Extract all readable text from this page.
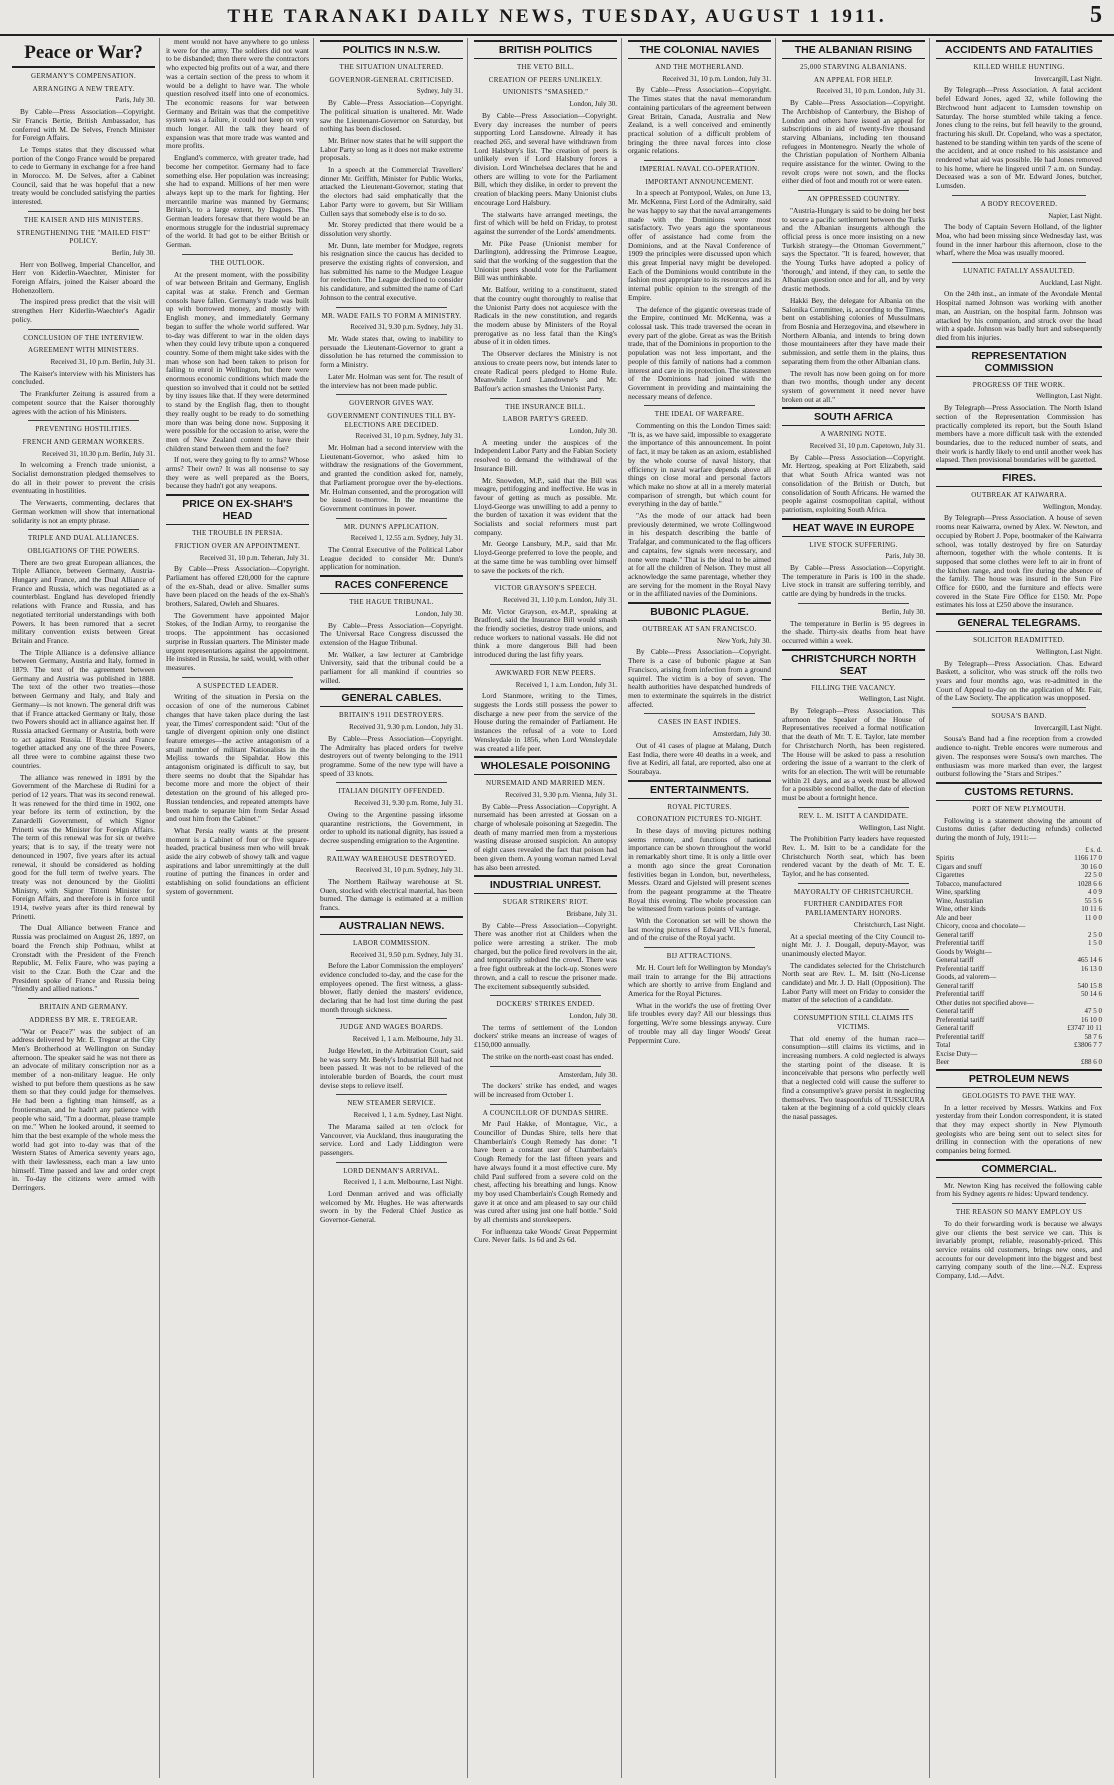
THE TARANAKI DAILY NEWS, TUESDAY, AUGUST 1 1911.	5
Peace or War?
GERMANY'S COMPENSATION.
ARRANGING A NEW TREATY.

Paris, July 30.

By Cable—Press Association—Copyright. Sir Francis Bertie, British Ambassador, has conferred with M. De Selves, French Minister for Foreign Affairs.

Le Temps states that they discussed what portion of the Congo France would be prepared to cede to Germany in exchange for a free hand in Morocco. M. De Selves, after a Cabinet Council, said that he was hopeful that a new treaty would be concluded satisfying the parties interested.

THE KAISER AND HIS MINISTERS.
STRENGTHENING THE "MAILED FIST" POLICY.

Berlin, July 30.

Herr von Bollweg, Imperial Chancellor, and Herr von Kiderlin-Waechter, Minister for Foreign Affairs, joined the Kaiser aboard the Hohenzollern.

The inspired press predict that the visit will strengthen Herr Kiderlin-Waechter's Agadir policy.

CONCLUSION OF THE INTERVIEW.
AGREEMENT WITH MINISTERS.

Received 31, 10 p.m. Berlin, July 31.

The Kaiser's interview with his Ministers has concluded.

The Frankfurter Zeitung is assured from a competent source that the Kaiser thoroughly agrees with the action of his Ministers.

PREVENTING HOSTILITIES.
FRENCH AND GERMAN WORKERS.

Received 31, 10.30 p.m. Berlin, July 31.

In welcoming a French trade unionist, a Socialist demonstration pledged themselves to do all in their power to prevent the crisis eventuating in hostilities.

The Verwaerts, commenting, declares that German workmen will show that international solidarity is not an empty phrase.

TRIPLE AND DUAL ALLIANCES.
OBLIGATIONS OF THE POWERS.

There are two great European alliances, the Triple Alliance, between Germany, Austria-Hungary and France, and the Dual Alliance of France and Russia, which was negotiated as a counterblast. England has developed friendly relations with France and Russia, and has negotiated territorial understandings with both Powers. It has been rumored that a secret military convention exists between Great Britain and France.

The Triple Alliance is a defensive alliance between Germany, Austria and Italy, formed in 1879. The text of the agreement between Germany and Austria was published in 1888. The text of the other two treaties—those between Germany and Italy, and Italy and Germany—is not known. The general drift was that if France attacked Germany or Italy, those two Powers should act in alliance against her. If Russia attacked Germany or Austria, both were to act against Russia. If Russia and France together attacked any one of the three Powers, all three were to combine against these two countries.

The alliance was renewed in 1891 by the Government of the Marchese di Rudini for a period of 12 years. That was its second renewal. It was renewed for the third time in 1902, one year before its term of extinction, by the Zanardelli Government, of which Signor Prinetti was the Minister for Foreign Affairs. The term of this renewal was for six or twelve years; that is to say, if the treaty were not denounced in 1907, five years after its actual renewal, it should be considered as holding good for the full term of twelve years. The treaty was not denounced by the Giolitti Ministry, with Signor Tittoni Minister for Foreign Affairs, and therefore is in force until 1914, twelve years after its third renewal by Prinetti.

The Dual Alliance between France and Russia was proclaimed on August 26, 1897, on board the French ship Pothuau, whilst at Cronstadt with the President of the French Republic, M. Felix Faure, who was paying a visit to the Czar. Both the Czar and the President spoke of France and Russia being "friendly and allied nations."

BRITAIN AND GERMANY.
ADDRESS BY MR. E. TREGEAR.

"War or Peace?" was the subject of an address delivered by Mr. E. Tregear at the City Men's Brotherhood at Wellington on Sunday afternoon. The speaker said he was not there as an advocate of military conscription nor as a member of a non-military league. He only wished to put before them questions as he saw them so that they could judge for themselves. He had been a fighting man himself, as a frontiersman, and he hadn't any patience with people who said, "I'm a doormat, please trample on me." When he looked around, it seemed to him that the best example of the whole mess the world had got into to-day was that of the Western States of America seventy years ago, with their lawlessness, each man a law unto himself. Time passed and law and order crept in. To-day the citizens were armed with Derringers.

ment would not have anywhere to go unless it were for the army. The soldiers did not want to be disbanded; then there were the contractors who expected big profits out of a war, and there was a certain section of the press to whom it would be a delight to have war. The whole question resolved itself into one of economics. The economic reasons for war between Germany and Britain was that the competitive system was a failure, it could not keep on very much longer. All the talk they heard of expansion was that more trade was wanted and more profits.

England's commerce, with greater trade, had become her competitor. Germany had to face something else. Her population was increasing; she had to expand. Millions of her men were always kept up to the mark for fighting. Her mercantile marine was manned by Germans; Britain's, to a large extent, by Dagoes. The German leaders foresaw that there would be an enormous struggle for the industrial supremacy of the world. It had got to be either British or German.

THE OUTLOOK.

At the present moment, with the possibility of war between Britain and Germany, English capital was at stake. French and German consols have fallen. Germany's trade was built up with borrowed money, and mostly with English money, and immediately Germany began to suffer the whole world suffered. War to-day was different to war in the olden days when they could levy tribute upon a conquered country. Some of them might take sides with the man whose son had been taken to prison for failing to enrol in Wellington, but there were enormous economic conditions which made the question so involved that it could not be settled by tiny issues like that. If they were determined to stand by the English flag, then to thought they really ought to be ready to do something more than was being done now. Supposing it were possible for the occasion to arise, were the men of New Zealand content to have their children stand between them and the foe?

If not, were they going to fly to arms? Whose arms? Their own? It was all nonsense to say they were as well prepared as the Boers, because they hadn't got any weapons.

PRICE ON EX-SHAH'S HEAD
THE TROUBLE IN PERSIA.
FRICTION OVER AN APPOINTMENT.

Received 31, 10 p.m. Teheran, July 31.

By Cable—Press Association—Copyright. Parliament has offered £20,000 for the capture of the ex-Shah, dead or alive. Smaller sums have been placed on the heads of the ex-Shah's brothers, Salared, Owleh and Shuares.

The Government have appointed Major Stokes, of the Indian Army, to reorganise the troops. The appointment has occasioned surprise in Russian quarters. The Minister made urgent representations against the appointment. He insisted in Russia, he said, would, with other measures.

A SUSPECTED LEADER.

Writing of the situation in Persia on the occasion of one of the numerous Cabinet changes that have taken place during the last year, the Times' correspondent said: "Out of the tangle of divergent opinion only one distinct feature emerges—the active antagonism of a small number of militant Nationalists in the Mejliss towards the Sipahdar. How this antagonism originated is difficult to say, but there seems no doubt that the Sipahdar has become more and more the object of their detestation on the ground of his alleged pro-Russian tendencies, and repeated attempts have been made to separate him from Sedar Assad and oust him from the Cabinet."

What Persia really wants at the present moment is a Cabinet of four or five square-headed, practical business men who will break aside the airy cobweb of showy talk and vague aspirations and labor unremittingly at the dull routine of putting the finances in order and establishing on solid foundations an efficient system of government.

POLITICS IN N.S.W.
THE SITUATION UNALTERED.
GOVERNOR-GENERAL CRITICISED.

Sydney, July 31.

By Cable—Press Association—Copyright. The political situation is unaltered. Mr. Wade saw the Lieutenant-Governor on Saturday, but nothing has been disclosed.

Mr. Briner now states that he will support the Labor Party so long as it does not make extreme proposals.

In a speech at the Commercial Travellers' dinner Mr. Griffith, Minister for Public Works, attacked the Lieutenant-Governor, stating that the electors had said emphatically that the Labor Party were to govern, but Sir William Cullen says that somebody else is to do so.

Mr. Storey predicted that there would be a dissolution very shortly.

Mr. Dunn, late member for Mudgee, regrets his resignation since the caucus has decided to preserve the existing rights of conversion, and has submitted his name to the Mudgee League for reelection. The League declined to consider his candidature, and submitted the name of Carl Johnson to the central executive.

MR. WADE FAILS TO FORM A MINISTRY.

Received 31, 9.30 p.m. Sydney, July 31.

Mr. Wade states that, owing to inability to persuade the Lieutenant-Governor to grant a dissolution he has returned the commission to form a Ministry.

Later Mr. Holman was sent for. The result of the interview has not been made public.

GOVERNOR GIVES WAY.
GOVERNMENT CONTINUES TILL BY-ELECTIONS ARE DECIDED.

Received 31, 10 p.m. Sydney, July 31.

Mr. Holman had a second interview with the Lieutenant-Governor, who asked him to withdraw the resignations of the Government, and granted the condition asked for, namely, that Parliament prorogue over the by-elections. Mr. Holman consented, and the prorogation will be issued to-morrow. In the meantime the Government continues in power.

MR. DUNN'S APPLICATION.

Received 1, 12.55 a.m. Sydney, July 31.

The Central Executive of the Political Labor League decided to consider Mr. Dunn's application for nomination.

RACES CONFERENCE
THE HAGUE TRIBUNAL.

London, July 30.

By Cable—Press Association—Copyright. The Universal Race Congress discussed the extension of the Hague Tribunal.

Mr. Walker, a law lecturer at Cambridge University, said that the tribunal could be a parliament for all mankind if countries so willed.

GENERAL CABLES.
BRITAIN'S 1911 DESTROYERS.

Received 31, 9.30 p.m. London, July 31.

By Cable—Press Association—Copyright. The Admiralty has placed orders for twelve destroyers out of twenty belonging to the 1911 programme. Some of the new type will have a speed of 33 knots.

ITALIAN DIGNITY OFFENDED.

Received 31, 9.30 p.m. Rome, July 31.

Owing to the Argentine passing irksome quarantine restrictions, the Government, in order to uphold its national dignity, has issued a decree suspending emigration to the Argentine.

RAILWAY WAREHOUSE DESTROYED.

Received 31, 10 p.m. Sydney, July 31.

The Northern Railway warehouse at St. Ouen, stocked with electrical material, has been burned. The damage is estimated at a million francs.

AUSTRALIAN NEWS.
LABOR COMMISSION.

Received 31, 9.50 p.m. Sydney, July 31.

Before the Labor Commission the employers' evidence concluded to-day, and the case for the employees opened. The first witness, a glass-blower, flatly denied the masters' evidence, declaring that he had lost time during the past month through sickness.

JUDGE AND WAGES BOARDS.

Received 1, 1 a.m. Melbourne, July 31.

Judge Hewlett, in the Arbitration Court, said he was sorry Mr. Beeby's Industrial Bill had not been passed. It was not to be relieved of the intolerable burden of Boards, the court must devise steps to relieve itself.

NEW STEAMER SERVICE.

Received 1, 1 a.m. Sydney, Last Night.

The Marama sailed at ten o'clock for Vancouver, via Auckland, thus inaugurating the service. Lord and Lady Liddington were passengers.

LORD DENMAN'S ARRIVAL.

Received 1, 1 a.m. Melbourne, Last Night.

Lord Denman arrived and was officially welcomed by Mr. Hughes. He was afterwards sworn in by the Federal Chief Justice as Governor-General.

BRITISH POLITICS
THE VETO BILL.
CREATION OF PEERS UNLIKELY.
UNIONISTS "SMASHED."

London, July 30.

By Cable—Press Association—Copyright. Every day increases the number of peers supporting Lord Lansdowne. Already it has reached 265, and several have withdrawn from Lord Halsbury's list. The creation of peers is unlikely even if Lord Halsbury forces a division. Lord Winchelsea declares that he and others are willing to vote for the Parliament Bill, which they dislike, in order to prevent the creation of blacking peers. Many Unionist clubs encourage Lord Halsbury.

The stalwarts have arranged meetings, the first of which will be held on Friday, to protest against the surrender of the Lords' amendments.

Mr. Pike Pease (Unionist member for Darlington), addressing the Primrose League, said that the working of the suggestion that the Unionist peers should vote for the Parliament Bill was unthinkable.

Mr. Balfour, writing to a constituent, stated that the country ought thoroughly to realise that the Unionist Party does not acquiesce with the Radicals in the new constitution, and regards the modern abuse by Ministers of the Royal prerogative as no less fatal than the King's abuse of it in olden times.

The Observer declares the Ministry is not anxious to create peers now, but intends later to create Radical peers pledged to Home Rule. Meanwhile Lord Lansdowne's and Mr. Balfour's action smashes the Unionist Party.

THE INSURANCE BILL.
LABOR PARTY'S GREED.

London, July 30.

A meeting under the auspices of the Independent Labor Party and the Fabian Society resolved to demand the withdrawal of the Insurance Bill.

Mr. Snowden, M.P., said that the Bill was meagre, pettifogging and ineffective. He was in favour of getting as much as possible. Mr. Lloyd-George was unwilling to add a penny to the burden of taxation it was evident that the Socialists and social reformers must part company.

Mr. George Lansbury, M.P., said that Mr. Lloyd-George preferred to love the people, and at the same time he was tumbling over himself to save the pockets of the rich.

VICTOR GRAYSON'S SPEECH.

Received 31, 1.10 p.m. London, July 31.

Mr. Victor Grayson, ex-M.P., speaking at Bradford, said the Insurance Bill would smash the friendly societies, destroy trade unions, and reduce workers to national vassals. He did not think a more dangerous Bill had been introduced during the last fifty years.

AWKWARD FOR NEW PEERS.

Received 1, 1 a.m. London, July 31.

Lord Stanmore, writing to the Times, suggests the Lords still possess the power to discharge a new peer from the service of the House during the remainder of Parliament. He instances the refusal of a vote to Lord Wensleydale in 1856, when Lord Wensleydale was created a life peer.

WHOLESALE POISONING
NURSEMAID AND MARRIED MEN.

Received 31, 9.30 p.m. Vienna, July 31.

By Cable—Press Association—Copyright. A nursemaid has been arrested at Gossan on a charge of wholesale poisoning at Szegedin. The death of many married men from a mysterious wasting disease aroused suspicion. An autopsy of eight cases revealed the fact that poison had been given them. A young woman named Leval has also been arrested.

INDUSTRIAL UNREST.
SUGAR STRIKERS' RIOT.

Brisbane, July 31.

By Cable—Press Association—Copyright. There was another riot at Childers when the police were arresting a striker. The mob charged, but the police fired revolvers in the air, and temporarily subdued the crowd. There was a free fight outbreak at the lock-up. Stones were thrown, and a call to rescue the prisoner made. The excitement subsequently subsided.

DOCKERS' STRIKES ENDED.

London, July 30.

The terms of settlement of the London dockers' strike means an increase of wages of £150,000 annually.

The strike on the north-east coast has ended.

Amsterdam, July 30.

The dockers' strike has ended, and wages will be increased from October 1.

A COUNCILLOR OF DUNDAS SHIRE.

Mr Paul Hakke, of Montague, Vic., a Councillor of Dundas Shire, tells here that Chamberlain's Cough Remedy has done: "I have been a constant user of Chamberlain's Cough Remedy for the last fifteen years and have always found it a most effective cure. My child Paul suffered from a severe cold on the chest, affecting his breathing and lungs. Know my boy used Chamberlain's Cough Remedy and gave it at once and am pleased to say our child was cured after using just one half bottle." Sold by all chemists and storekeepers.

For influenza take Woods' Great Peppermint Cure. Never fails. 1s 6d and 2s 6d.

THE COLONIAL NAVIES
AND THE MOTHERLAND.

Received 31, 10 p.m. London, July 31.

By Cable—Press Association—Copyright. The Times states that the naval memorandum containing particulars of the agreement between Great Britain, Canada, Australia and New Zealand, is a well conceived and eminently practical solution of a difficult problem of bringing the three naval forces into close organic relations.

IMPERIAL NAVAL CO-OPERATION.
IMPORTANT ANNOUNCEMENT.

In a speech at Pontypool, Wales, on June 13, Mr. McKenna, First Lord of the Admiralty, said he was happy to say that the naval arrangements made with the Dominions were most satisfactory. Two years ago the spontaneous offer of assistance had come from the Dominions, and at the Naval Conference of 1909 the principles were discussed upon which this great Imperial navy might be developed. Each of the Dominions would contribute in the fashion most appropriate to its resources and its internal public opinion to the strength of the Empire.

The defence of the gigantic overseas trade of the Empire, continued Mr. McKenna, was a colossal task. This trade traversed the ocean in every part of the globe. Great as was the British trade, that of the Dominions in proportion to the population was not less important, and the people of this family of nations had a common interest and care in its protection. The statesmen of the Dominions had joined with the Government in providing and maintaining the necessary means of defence.

THE IDEAL OF WARFARE.

Commenting on this the London Times said: "It is, as we have said, impossible to exaggerate the importance of this announcement. In point of fact, it may be taken as an axiom, established by the whole course of naval history, that efficiency in naval warfare depends above all things on close moral and personal factors which make no show at all in a merely material comparison of strength, but which count for everything in the day of battle."

"As the mode of our attack had been previously determined, we wrote Collingwood in his despatch describing the battle of Trafalgar, and communicated to the flag officers and captains, few signals were necessary, and none were made." That is the ideal to be aimed at for all the children of Nelson. They must all acknowledge the same parentage, whether they are serving for the moment in the Royal Navy or in the affiliated navies of the Dominions.

BUBONIC PLAGUE.
OUTBREAK AT SAN FRANCISCO.

New York, July 30.

By Cable—Press Association—Copyright. There is a case of bubonic plague at San Francisco, arising from infection from a ground squirrel. The victim is a boy of seven. The health authorities have despatched hundreds of men to exterminate the squirrels in the district affected.

CASES IN EAST INDIES.

Amsterdam, July 30.

Out of 41 cases of plague at Malang, Dutch East India, there were 40 deaths in a week, and five at Kediri, all fatal, are reported, also one at Sourabaya.

ENTERTAINMENTS.
ROYAL PICTURES.
CORONATION PICTURES TO-NIGHT.

In these days of moving pictures nothing seems remote, and functions of national importance can be shown throughout the world in remarkably short time. It is only a little over a month ago since the great Coronation festivities began in London, but, nevertheless, Messrs. Ozard and Gjelsted will present scenes from the pageant programme at the Theatre Royal this evening. The whole procession can be witnessed from various points of vantage.

With the Coronation set will be shown the last moving pictures of Edward VII.'s funeral, and of the cruise of the Royal yacht.

BIJ ATTRACTIONS.

Mr. H. Court left for Wellington by Monday's mail train to arrange for the Bij attractions which are shortly to arrive from England and America for the Royal Pictures.

What in the world's the use of fretting Over life troubles every day? All our blessings thus forgetting, We're some blessings anyway. Cure of trouble may all day linger Woods' Great Peppermint Cure.

THE ALBANIAN RISING
25,000 STARVING ALBANIANS.
AN APPEAL FOR HELP.

Received 31, 10 p.m. London, July 31.

By Cable—Press Association—Copyright. The Archbishop of Canterbury, the Bishop of London and others have issued an appeal for subscriptions in aid of twenty-five thousand starving Albanians, including ten thousand refugees in Montenegro. Nearly the whole of the Christian population of Northern Albania require assistance for the winter. Owing to the revolt crops were not sown, and the flocks either died of foot and mouth rot or were eaten.

AN OPPRESSED COUNTRY.

"Austria-Hungary is said to be doing her best to secure a pacific settlement between the Turks and the Albanian insurgents although the official press is once more insisting on a new Turkish strategy—the Ottoman Government," says the Spectator. "It is feared, however, that the Young Turks have adopted a policy of 'thorough,' and intend, if they can, to settle the Albanian question once and for all, and by very drastic methods.

Hakki Bey, the delegate for Albania on the Salonika Committee, is, according to the Times, bent on establishing colonies of Mussulmans from Bosnia and Herzegovina, and elsewhere in Northern Albania, and intends to bring down those mountaineers after they have made their submission, and settle them in the plains, thus separating them from the other Albanian clans.

The revolt has now been going on for more than two months, though under any decent system of government it need never have broken out at all."

SOUTH AFRICA
A WARNING NOTE.

Received 31, 10 p.m. Capetown, July 31.

By Cable—Press Association—Copyright. Mr. Hertzog, speaking at Port Elizabeth, said that what South Africa wanted was not consolidation of the British or Dutch, but consolidation of South Africans. He warned the people against cosmopolitan capital, without patriotism, exploiting South Africa.

HEAT WAVE IN EUROPE
LIVE STOCK SUFFERING.

Paris, July 30.

By Cable—Press Association—Copyright. The temperature in Paris is 100 in the shade. Live stock in transit are suffering terribly, and cattle are dying by hundreds in the trucks.

Berlin, July 30.

The temperature in Berlin is 95 degrees in the shade. Thirty-six deaths from heat have occurred within a week.

CHRISTCHURCH NORTH SEAT
FILLING THE VACANCY.

Wellington, Last Night.

By Telegraph—Press Association. This afternoon the Speaker of the House of Representatives received a formal notification that the death of Mr. T. E. Taylor, late member for Christchurch North, has been registered. The House will be asked to pass a resolution ordering the issue of a warrant to the clerk of writs for an election. The writ will be returnable within 21 days, and as a week must be allowed for a possible second ballot, the date of election must be about a fortnight hence.

REV. L. M. ISITT A CANDIDATE.

Wellington, Last Night.

The Prohibition Party leaders have requested Rev. L. M. Isitt to be a candidate for the Christchurch North seat, which has been rendered vacant by the death of Mr. T. E. Taylor, and he has consented.

MAYORALTY OF CHRISTCHURCH.
FURTHER CANDIDATES FOR PARLIAMENTARY HONORS.

Christchurch, Last Night.

At a special meeting of the City Council to-night Mr. J. J. Dougall, deputy-Mayor, was unanimously elected Mayor.

The candidates selected for the Christchurch North seat are Rev. L. M. Isitt (No-License candidate) and Mr. J. D. Hall (Opposition). The Labor Party will meet on Friday to consider the matter of the selection of a candidate.

CONSUMPTION STILL CLAIMS ITS VICTIMS.

That old enemy of the human race—consumption—still claims its victims, and in increasing numbers. A cold neglected is always the starting point of the disease. It is inconceivable that persons who perfectly well that a neglected cold will cause the sufferer to find a consumptive's grave persist in neglecting themselves. Two teaspoonfuls of TUSSICURA taken at the beginning of a cold quickly clears the nasal passages.

ACCIDENTS AND FATALITIES
KILLED WHILE HUNTING.

Invercargill, Last Night.

By Telegraph—Press Association. A fatal accident befel Edward Jones, aged 32, while following the Birchwood hunt adjacent to Lumsden township on Saturday. The horse stumbled while taking a fence. Jones clung to the reins, but fell heavily to the ground, fracturing his skull. Dr. Copeland, who was a spectator, hastened to be standing within ten yards of the scene of the accident, and at once rushed to his assistance and rendered what aid was possible. He had Jones removed to his home, where he lingered until 7 a.m. on Sunday. Deceased was a son of Mr. Edward Jones, butcher, Lumsden.

A BODY RECOVERED.

Napier, Last Night.

The body of Captain Severn Holland, of the lighter Moa, who had been missing since Wednesday last, was found in the inner harbour this afternoon, close to the wharf, where the Moa was usually moored.

LUNATIC FATALLY ASSAULTED.

Auckland, Last Night.

On the 24th inst., an inmate of the Avondale Mental Hospital named Johnson was working with another man, an Austrian, on the hospital farm. Johnson was attacked by his companion, and struck over the head with a spade. Johnson was badly hurt and subsequently died from his injuries.

REPRESENTATION COMMISSION
PROGRESS OF THE WORK.

Wellington, Last Night.

By Telegraph—Press Association. The North Island section of the Representation Commission has practically completed its report, but the South Island members have a more difficult task with the extended boundaries, due to the reduced number of seats, and their work is hardly likely to end until another week has elapsed. Then provisional boundaries will be gazetted.

FIRES.
OUTBREAK AT KAIWARRA.

Wellington, Monday.

By Telegraph—Press Association. A house of seven rooms near Kaiwarra, owned by Alex. W. Newton, and occupied by Robert J. Pope, bootmaker of the Kaiwarra school, was totally destroyed by fire on Saturday afternoon, together with the whole contents. It is supposed that some clothes were left to air in front of the kitchen range, and took fire during the absence of the family. The house was insured in the Sun Fire Office for £600, and the furniture and effects were covered in the State Fire Office for £150. Mr. Pope estimates his loss at £250 above the insurance.

GENERAL TELEGRAMS.
SOLICITOR READMITTED.

Wellington, Last Night.

By Telegraph—Press Association. Chas. Edward Baskett, a solicitor, who was struck off the rolls two years and four months ago, was re-admitted in the Court of Appeal to-day on the application of Mr. Fair, of the Law Society. The application was unopposed.

SOUSA'S BAND.

Invercargill, Last Night.

Sousa's Band had a fine reception from a crowded audience to-night. Treble encores were numerous and given. The responses were Sousa's own marches. The enthusiasm was more marked than ever, the largest outburst following the "Stars and Stripes."

CUSTOMS RETURNS.
PORT OF NEW PLYMOUTH.

Following is a statement showing the amount of Customs duties (after deducting refunds) collected during the month of July, 1911:—

	£ s. d.
Spirits	1166 17 0
Cigars and snuff	30 16 0
Cigarettes	22 5 0
Tobacco, manufactured	1028 6 6
Wine, sparkling	4 0 9
Wine, Australian	55 5 6
Wine, other kinds	10 11 6
Ale and beer	11 0 0
Chicory, cocoa and chocolate—	
General tariff	2 5 0
Preferential tariff	1 5 0
Goods by Weight—	
General tariff	465 14 6
Preferential tariff	16 13 0
Goods, ad valorem—	
General tariff	540 15 8
Preferential tariff	50 14 6
Other duties not specified above—	
General tariff	47 5 0
Preferential tariff	16 10 0
General tariff	£3747 10 11
Preferential tariff	58 7 6
Total	£3806 7 7
Excise Duty—	
Beer	£88 6 0
PETROLEUM NEWS
GEOLOGISTS TO PAVE THE WAY.

In a letter received by Messrs. Watkins and Fox yesterday from their London correspondent, it is stated that they may expect shortly in New Plymouth geologists who are being sent out to select sites for drilling in connection with the operations of new companies being formed.

COMMERCIAL.

Mr. Newton King has received the following cable from his Sydney agents re hides: Upward tendency.

THE REASON SO MANY EMPLOY US

To do their forwarding work is because we always give our clients the best service we can. This is invariably prompt, reliable, reasonably-priced. This service retains old customers, brings new ones, and accounts for our development into the biggest and best carrying company south of the line.—N.Z. Express Company, Ltd.—Advt.
